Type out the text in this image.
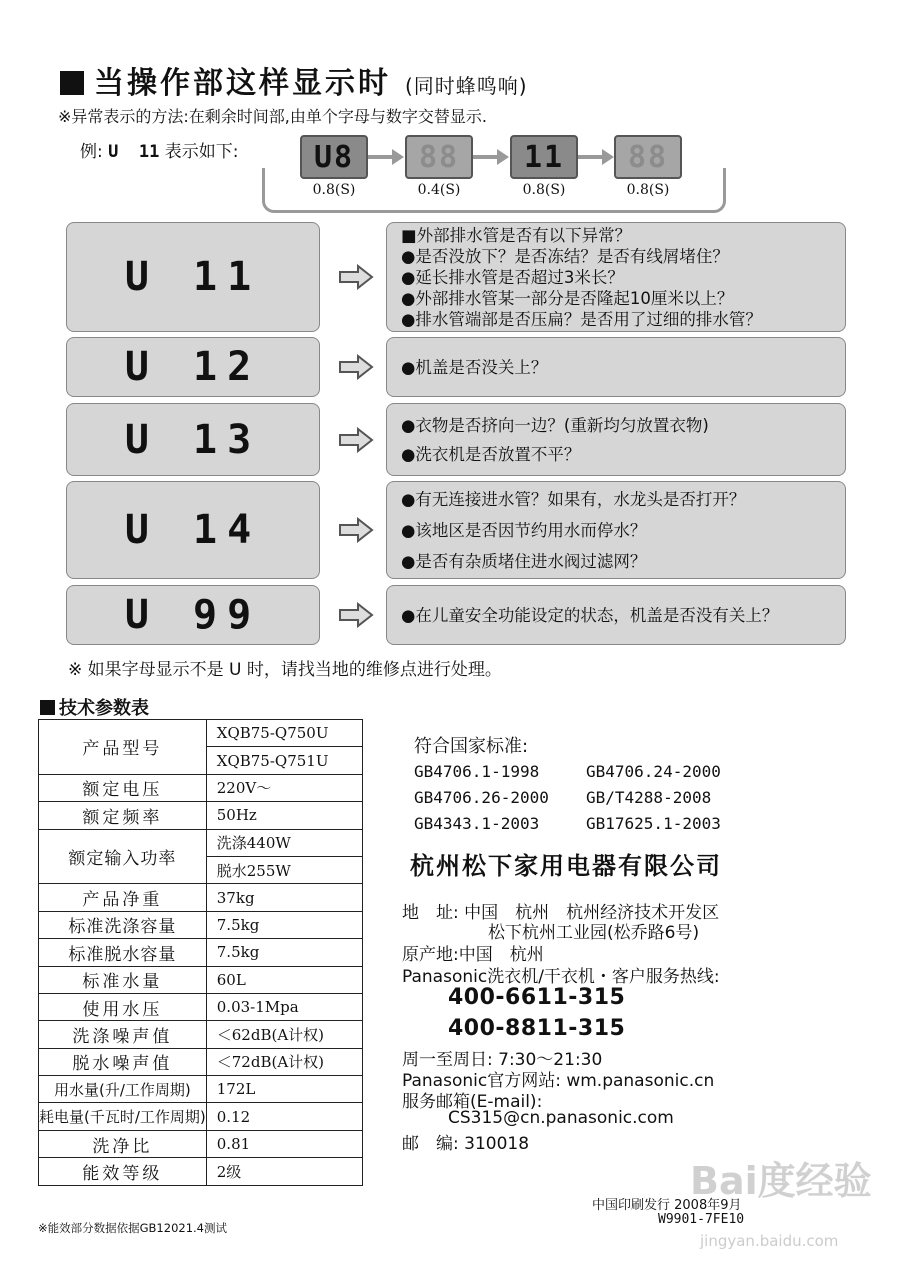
当操作部这样显示时 (同时蜂鸣响)
※异常表示的方法:在剩余时间部,由单个字母与数字交替显示.
例: U  11 表示如下:
U 11
■外部排水管是否有以下异常？
●是否没放下？是否冻结？是否有线屑堵住？
●延长排水管是否超过3米长？
●外部排水管某一部分是否隆起10厘米以上？
●排水管端部是否压扁？是否用了过细的排水管？
U 12	●机盖是否没关上？
U 13	●衣物是否挤向一边？(重新均匀放置衣物)
●洗衣机是否放置不平？
U 14
●有无连接进水管？如果有，水龙头是否打开？
●该地区是否因节约用水而停水？
●是否有杂质堵住进水阀过滤网？
U 99	●在儿童安全功能设定的状态，机盖是否没有关上？
※ 如果字母显示不是 U 时，请找当地的维修点进行处理。
技术参数表
产品型号	XQB75-Q750U
	XQB75-Q751U
额定电压	220V～
额定频率	50Hz
额定输入功率	洗涤440W
	脱水255W
产品净重	37kg
标准洗涤容量	7.5kg
标准脱水容量	7.5kg
标准水量	60L
使用水压	0.03-1Mpa
洗涤噪声值	＜62dB(A计权)
脱水噪声值	＜72dB(A计权)
用水量(升/工作周期)	172L
耗电量(千瓦时/工作周期)	0.12
洗净比	0.81
能效等级	2级
※能效部分数据依据GB12021.4测试
符合国家标准:
GB4706.1-1998	GB4706.24-2000
GB4706.26-2000 GB/T4288-2008
GB4343.1-2003	GB17625.1-2003
杭州松下家用电器有限公司
地　址: 中国　杭州　杭州经济技术开发区
松下杭州工业园(松乔路6号)
原产地:中国　杭州
Panasonic洗衣机/干衣机・客户服务热线:
400-6611-315
400-8811-315
周一至周日: 7:30～21:30
Panasonic官方网站: wm.panasonic.cn
服务邮箱(E-mail):
CS315@cn.panasonic.com
邮　编: 310018
中国印刷发行 2008年9月
W9901-7FE10
Bai度经验
jingyan.baidu.com
U8
0.8(S)
88
0.4(S)
11
0.8(S)
88
0.8(S)
